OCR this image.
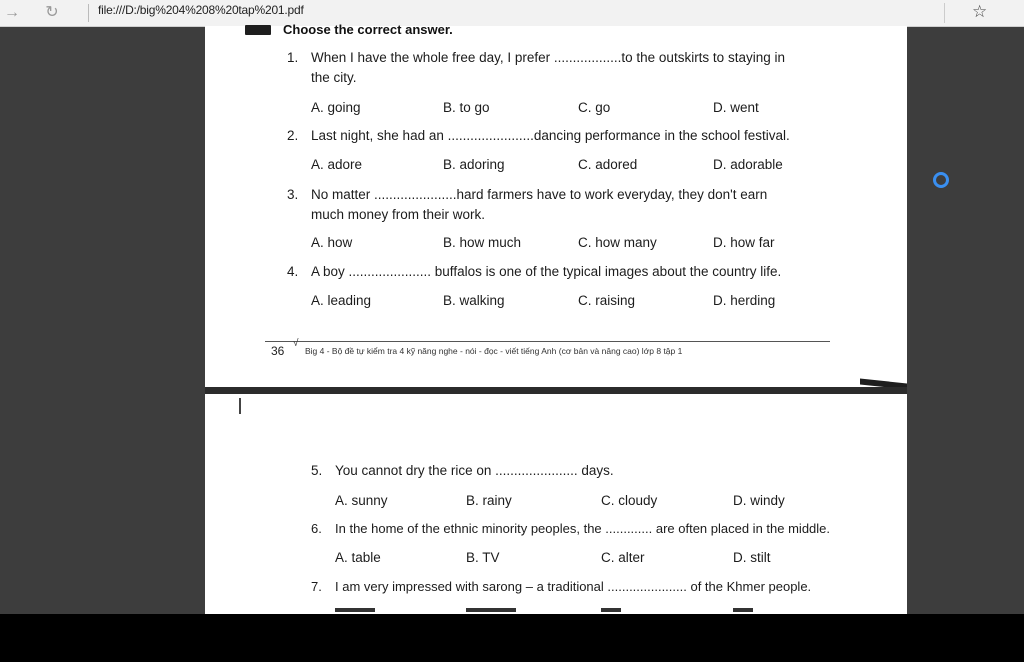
→ ↻	file:///D:/big%204%208%20tap%201.pdf	☆
Choose the correct answer.
1. When I have the whole free day, I prefer ..................to the outskirts to staying in
the city.
A. going	B. to go	C. go	D. went
2. Last night, she had an .......................dancing performance in the school festival.
A. adore	B. adoring	C. adored	D. adorable
3. No matter ......................hard farmers have to work everyday, they don't earn
much money from their work.
A. how	B. how much	C. how many	D. how far
4. A boy ...................... buffalos is one of the typical images about the country life.
A. leading	B. walking	C. raising	D. herding
36
√
Big 4 - Bộ đề tự kiểm tra 4 kỹ năng nghe - nói - đọc - viết tiếng Anh (cơ bản và nâng cao) lớp 8 tập 1
5. You cannot dry the rice on ...................... days.
A. sunny	B. rainy	C. cloudy	D. windy
6. In the home of the ethnic minority peoples, the ............. are often placed in the middle.
A. table	B. TV	C. alter	D. stilt
7. I am very impressed with sarong – a traditional ...................... of the Khmer people.
